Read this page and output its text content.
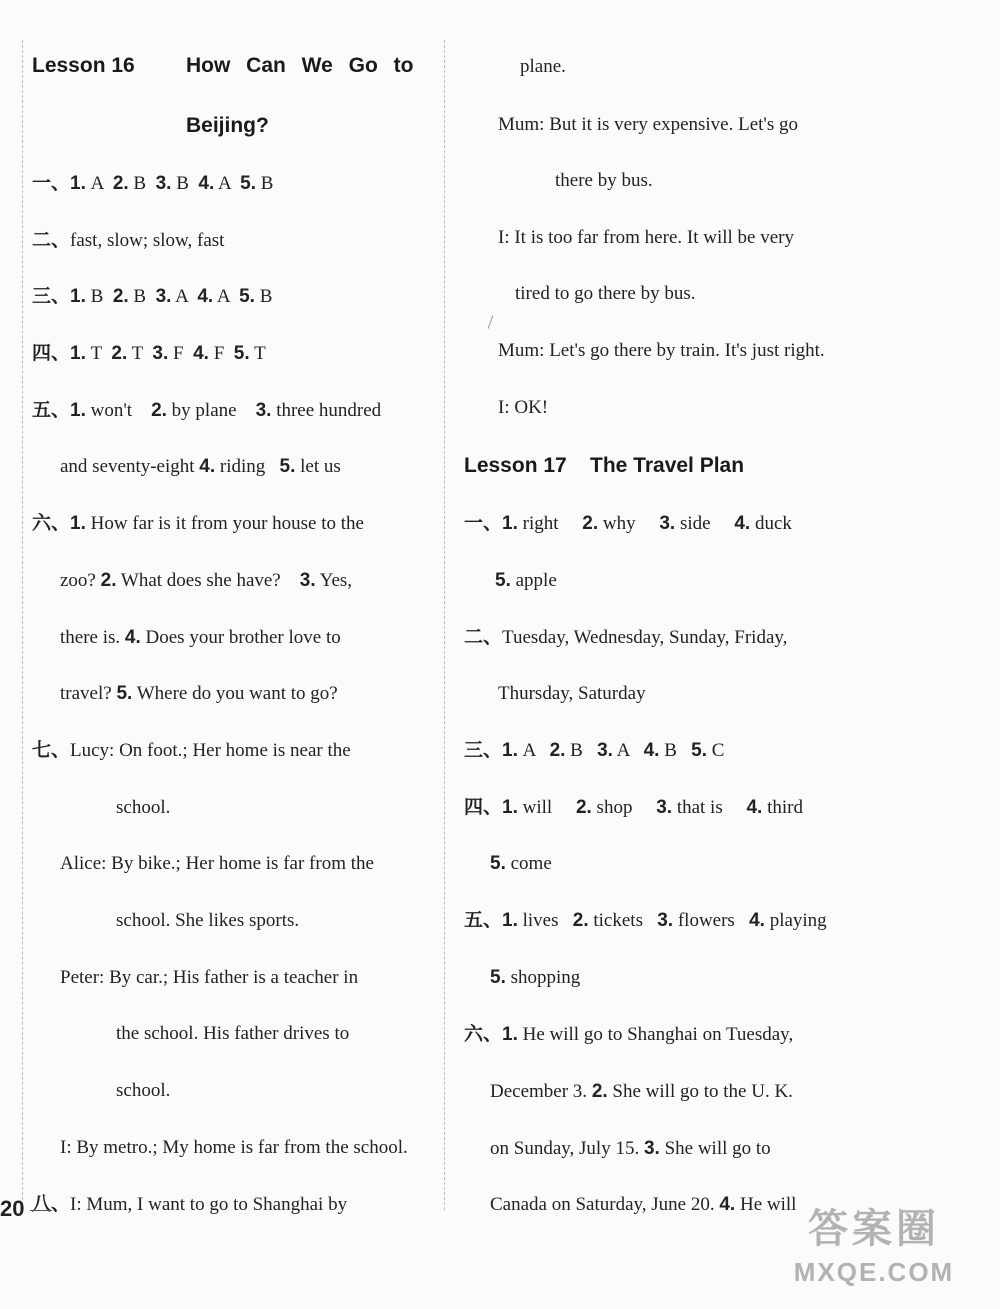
Lesson 16 How Can We Go to
Beijing?
一、1. A  2. B  3. B  4. A  5. B
二、fast, slow; slow, fast
三、1. B  2. B  3. A  4. A  5. B
四、1. T  2. T  3. F  4. F  5. T
五、1. won't    2. by plane    3. three hundred
and seventy-eight 4. riding   5. let us
六、1. How far is it from your house to the
zoo? 2. What does she have?    3. Yes,
there is. 4. Does your brother love to
travel? 5. Where do you want to go?
七、Lucy: On foot.; Her home is near the
school.
Alice: By bike.; Her home is far from the
school. She likes sports.
Peter: By car.; His father is a teacher in
the school. His father drives to
school.
I: By metro.; My home is far from the school.
八、I: Mum, I want to go to Shanghai by
20
plane.
Mum: But it is very expensive. Let's go
there by bus.
I: It is too far from here. It will be very
tired to go there by bus.
Mum: Let's go there by train. It's just right.
I: OK!
Lesson 17 The Travel Plan
一、1. right     2. why     3. side     4. duck
5. apple
二、Tuesday, Wednesday, Sunday, Friday,
Thursday, Saturday
三、1. A   2. B   3. A   4. B   5. C
四、1. will     2. shop     3. that is     4. third
5. come
五、1. lives   2. tickets   3. flowers   4. playing
5. shopping
六、1. He will go to Shanghai on Tuesday,
December 3. 2. She will go to the U. K.
on Sunday, July 15. 3. She will go to
Canada on Saturday, June 20. 4. He will
答案圈
MXQE.COM
